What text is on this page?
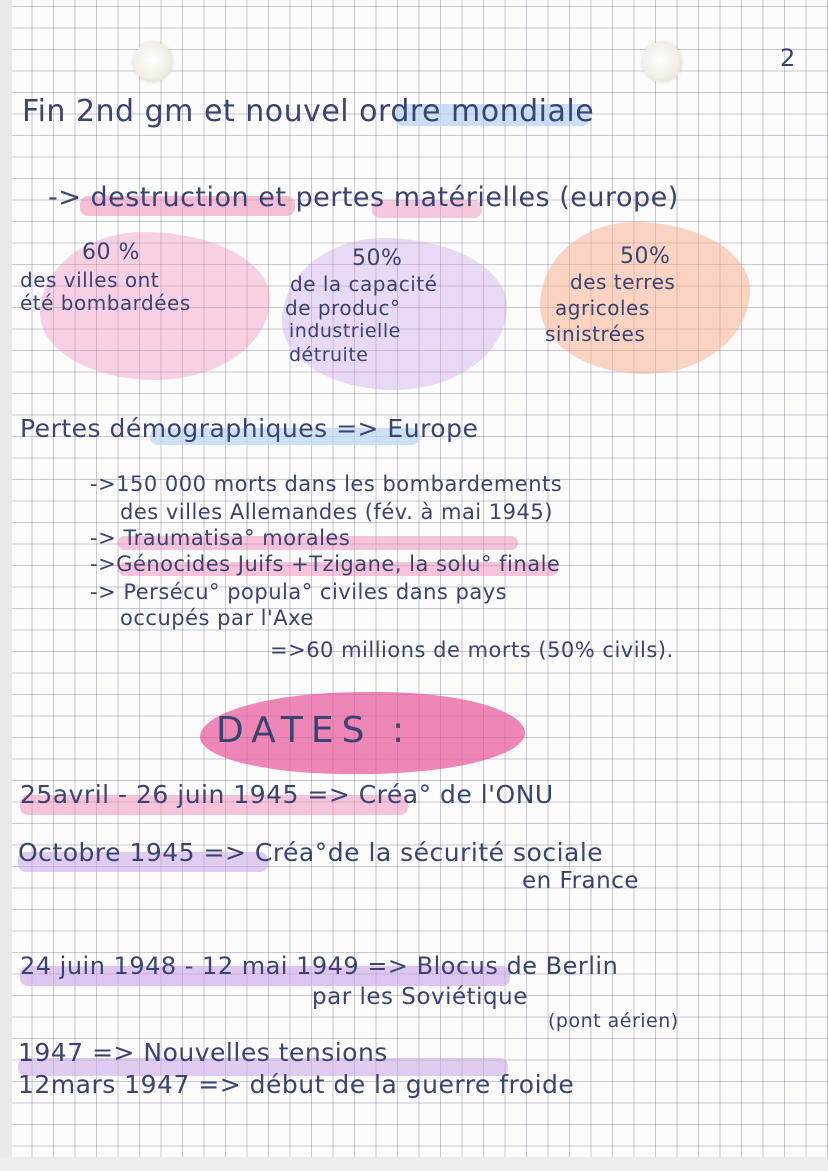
2
Fin 2nd gm et nouvel ordre mondiale
-> destruction et pertes matérielles (europe)
60 %
des villes ont
été bombardées
50%
de la capacité
de produc°
industrielle
détruite
50%
des terres
agricoles
sinistrées
Pertes démographiques => Europe
->150 000 morts dans les bombardements
des villes Allemandes (fév. à mai 1945)
-> Traumatisa° morales
->Génocides Juifs +Tzigane, la solu° finale
-> Persécu° popula° civiles dans pays
occupés par l'Axe
=>60 millions de morts (50% civils).
DATES :
25avril - 26 juin 1945 => Créa° de l'ONU
Octobre 1945 => Créa°de la sécurité sociale
en France
24 juin 1948 - 12 mai 1949 => Blocus de Berlin
par les Soviétique
(pont aérien)
1947 => Nouvelles tensions
12mars 1947 => début de la guerre froide
